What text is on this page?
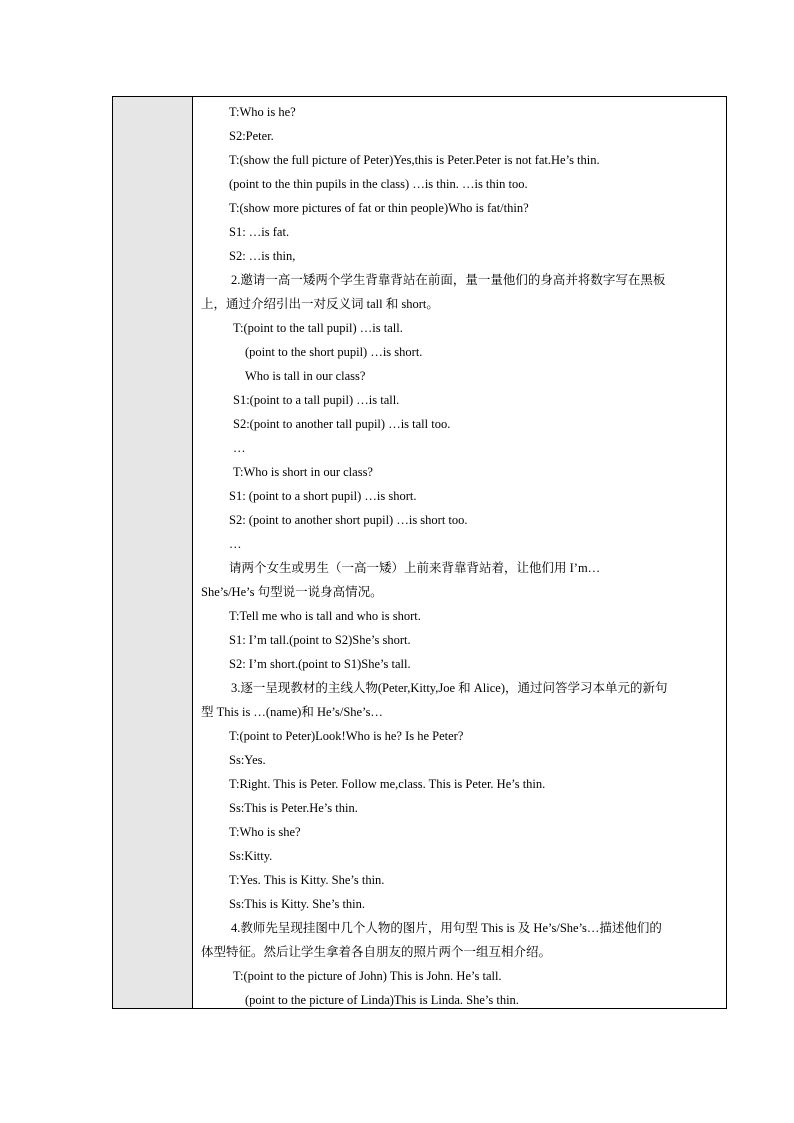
T:Who is he?
S2:Peter.
T:(show the full picture of Peter)Yes,this is Peter.Peter is not fat.He’s thin.
(point to the thin pupils in the class) …is thin. …is thin too.
T:(show more pictures of fat or thin people)Who is fat/thin?
S1: …is fat.
S2: …is thin,
2.邀请一高一矮两个学生背靠背站在前面，量一量他们的身高并将数字写在黑板
上，通过介绍引出一对反义词 tall 和 short。
T:(point to the tall pupil) …is tall.
(point to the short pupil) …is short.
Who is tall in our class?
S1:(point to a tall pupil) …is tall.
S2:(point to another tall pupil) …is tall too.
…
T:Who is short in our class?
S1: (point to a short pupil) …is short.
S2: (point to another short pupil) …is short too.
…
请两个女生或男生（一高一矮）上前来背靠背站着，让他们用 I’m…
She’s/He’s 句型说一说身高情况。
T:Tell me who is tall and who is short.
S1: I’m tall.(point to S2)She’s short.
S2: I’m short.(point to S1)She’s tall.
3.逐一呈现教材的主线人物(Peter,Kitty,Joe 和 Alice)，通过问答学习本单元的新句
型 This is …(name)和 He’s/She’s…
T:(point to Peter)Look!Who is he? Is he Peter?
Ss:Yes.
T:Right. This is Peter. Follow me,class. This is Peter. He’s thin.
Ss:This is Peter.He’s thin.
T:Who is she?
Ss:Kitty.
T:Yes. This is Kitty. She’s thin.
Ss:This is Kitty. She’s thin.
4.教师先呈现挂图中几个人物的图片，用句型 This is 及 He’s/She’s…描述他们的
体型特征。然后让学生拿着各自朋友的照片两个一组互相介绍。
T:(point to the picture of John) This is John. He’s tall.
(point to the picture of Linda)This is Linda. She’s thin.
